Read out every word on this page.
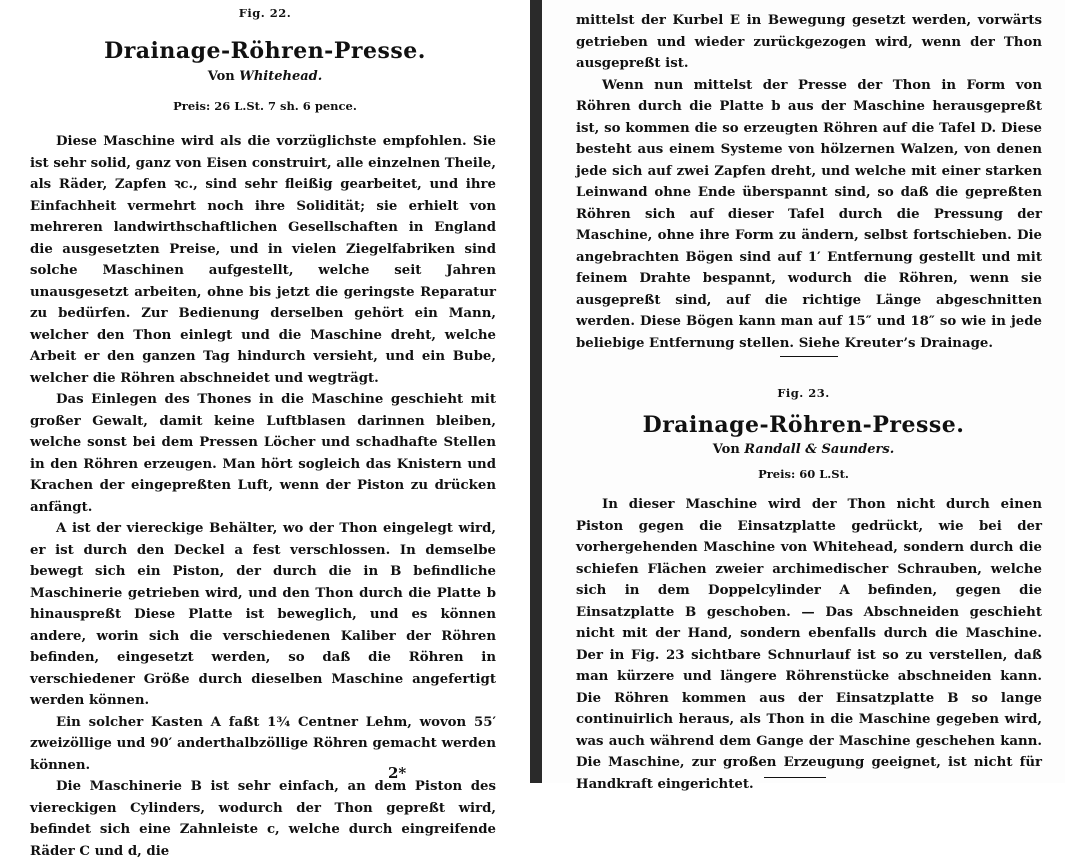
Fig. 22.
Drainage-Röhren-Presse.
Von Whitehead.
Preis: 26 L.St. 7 sh. 6 pence.

Diese Maschine wird als die vorzüglichste empfohlen. Sie ist sehr solid, ganz von Eisen construirt, alle einzelnen Theile, als Räder, Zapfen ꝛc., sind sehr fleißig gearbeitet, und ihre Einfachheit vermehrt noch ihre Solidität; sie erhielt von mehreren landwirthschaftlichen Gesellschaften in England die ausgesetzten Preise, und in vielen Ziegelfabriken sind solche Maschinen aufgestellt, welche seit Jahren unausgesetzt arbeiten, ohne bis jetzt die geringste Reparatur zu bedürfen. Zur Bedienung derselben gehört ein Mann, welcher den Thon einlegt und die Maschine dreht, welche Arbeit er den ganzen Tag hindurch versieht, und ein Bube, welcher die Röhren abschneidet und wegträgt.

Das Einlegen des Thones in die Maschine geschieht mit großer Gewalt, damit keine Luftblasen darinnen bleiben, welche sonst bei dem Pressen Löcher und schadhafte Stellen in den Röhren erzeugen. Man hört sogleich das Knistern und Krachen der eingepreßten Luft, wenn der Piston zu drücken anfängt.

A ist der viereckige Behälter, wo der Thon eingelegt wird, er ist durch den Deckel a fest verschlossen. In demselbe bewegt sich ein Piston, der durch die in B befindliche Maschinerie getrieben wird, und den Thon durch die Platte b hinauspreßt Diese Platte ist beweglich, und es können andere, worin sich die verschiedenen Kaliber der Röhren befinden, eingesetzt werden, so daß die Röhren in verschiedener Größe durch dieselben Maschine angefertigt werden können.

Ein solcher Kasten A faßt 1¾ Centner Lehm, wovon 55′ zweizöllige und 90′ anderthalbzöllige Röhren gemacht werden können.

Die Maschinerie B ist sehr einfach, an dem Piston des viereckigen Cylinders, wodurch der Thon gepreßt wird, befindet sich eine Zahnleiste c, welche durch eingreifende Räder C und d, die

2*

mittelst der Kurbel E in Bewegung gesetzt werden, vorwärts getrieben und wieder zurückgezogen wird, wenn der Thon ausgepreßt ist.

Wenn nun mittelst der Presse der Thon in Form von Röhren durch die Platte b aus der Maschine herausgepreßt ist, so kommen die so erzeugten Röhren auf die Tafel D. Diese besteht aus einem Systeme von hölzernen Walzen, von denen jede sich auf zwei Zapfen dreht, und welche mit einer starken Leinwand ohne Ende überspannt sind, so daß die gepreßten Röhren sich auf dieser Tafel durch die Pressung der Maschine, ohne ihre Form zu ändern, selbst fortschieben. Die angebrachten Bögen sind auf 1′ Entfernung gestellt und mit feinem Drahte bespannt, wodurch die Röhren, wenn sie ausgepreßt sind, auf die richtige Länge abgeschnitten werden. Diese Bögen kann man auf 15″ und 18″ so wie in jede beliebige Entfernung stellen. Siehe Kreuter’s Drainage.

Fig. 23.
Drainage-Röhren-Presse.
Von Randall & Saunders.
Preis: 60 L.St.

In dieser Maschine wird der Thon nicht durch einen Piston gegen die Einsatzplatte gedrückt, wie bei der vorhergehenden Maschine von Whitehead, sondern durch die schiefen Flächen zweier archimedischer Schrauben, welche sich in dem Doppelcylinder A befinden, gegen die Einsatzplatte B geschoben. — Das Abschneiden geschieht nicht mit der Hand, sondern ebenfalls durch die Maschine. Der in Fig. 23 sichtbare Schnurlauf ist so zu verstellen, daß man kürzere und längere Röhrenstücke abschneiden kann. Die Röhren kommen aus der Einsatzplatte B so lange continuirlich heraus, als Thon in die Maschine gegeben wird, was auch während dem Gange der Maschine geschehen kann. Die Maschine, zur großen Erzeugung geeignet, ist nicht für Handkraft eingerichtet.
